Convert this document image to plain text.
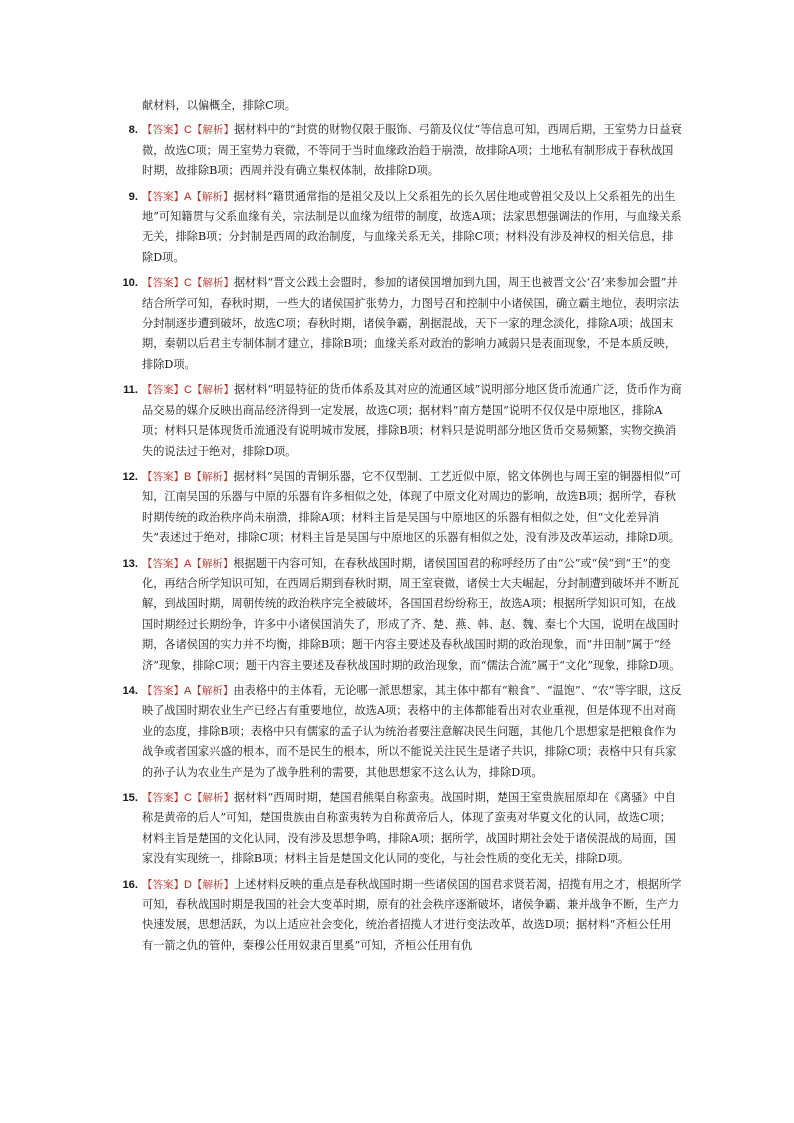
献材料，以偏概全，排除C项。

8. 【答案】C【解析】据材料中的“封赏的财物仅限于服饰、弓箭及仪仗”等信息可知，西周后期，王室势力日益衰微，故选C项；周王室势力衰微，不等同于当时血缘政治趋于崩溃，故排除A项；土地私有制形成于春秋战国时期，故排除B项；西周并没有确立集权体制，故排除D项。
9. 【答案】A【解析】据材料“籍贯通常指的是祖父及以上父系祖先的长久居住地或曾祖父及以上父系祖先的出生地”可知籍贯与父系血缘有关，宗法制是以血缘为纽带的制度，故选A项；法家思想强调法的作用，与血缘关系无关，排除B项；分封制是西周的政治制度，与血缘关系无关，排除C项；材料没有涉及神权的相关信息，排除D项。
10. 【答案】C【解析】据材料“晋文公践土会盟时，参加的诸侯国增加到九国，周王也被晋文公‘召’来参加会盟”并结合所学可知，春秋时期，一些大的诸侯国扩张势力，力图号召和控制中小诸侯国，确立霸主地位，表明宗法分封制逐步遭到破坏，故选C项；春秋时期，诸侯争霸，割据混战，天下一家的理念淡化，排除A项；战国末期，秦朝以后君主专制体制才建立，排除B项；血缘关系对政治的影响力减弱只是表面现象，不是本质反映，排除D项。
11. 【答案】C【解析】据材料“明显特征的货币体系及其对应的流通区域”说明部分地区货币流通广泛，货币作为商品交易的媒介反映出商品经济得到一定发展，故选C项；据材料“南方楚国”说明不仅仅是中原地区，排除A项；材料只是体现货币流通没有说明城市发展，排除B项；材料只是说明部分地区货币交易频繁，实物交换消失的说法过于绝对，排除D项。
12. 【答案】B【解析】据材料“吴国的青铜乐器，它不仅型制、工艺近似中原，铭文体例也与周王室的铜器相似”可知，江南吴国的乐器与中原的乐器有许多相似之处，体现了中原文化对周边的影响，故选B项；据所学，春秋时期传统的政治秩序尚未崩溃，排除A项；材料主旨是吴国与中原地区的乐器有相似之处，但“文化差异消失”表述过于绝对，排除C项；材料主旨是吴国与中原地区的乐器有相似之处，没有涉及改革运动，排除D项。
13. 【答案】A【解析】根据题干内容可知，在春秋战国时期，诸侯国国君的称呼经历了由“公”或“侯”到“王”的变化，再结合所学知识可知，在西周后期到春秋时期，周王室衰微，诸侯士大夫崛起，分封制遭到破坏并不断瓦解，到战国时期，周朝传统的政治秩序完全被破坏，各国国君纷纷称王，故选A项；根据所学知识可知，在战国时期经过长期纷争，许多中小诸侯国消失了，形成了齐、楚、燕、韩、赵、魏、秦七个大国，说明在战国时期，各诸侯国的实力并不均衡，排除B项；题干内容主要述及春秋战国时期的政治现象，而“井田制”属于“经济”现象，排除C项；题干内容主要述及春秋战国时期的政治现象，而“儒法合流”属于“文化”现象，排除D项。
14. 【答案】A【解析】由表格中的主体看，无论哪一派思想家，其主体中都有“粮食”、“温饱”、“农”等字眼，这反映了战国时期农业生产已经占有重要地位，故选A项；表格中的主体都能看出对农业重视，但是体现不出对商业的态度，排除B项；表格中只有儒家的孟子认为统治者要注意解决民生问题，其他几个思想家是把粮食作为战争或者国家兴盛的根本，而不是民生的根本，所以不能说关注民生是诸子共识，排除C项；表格中只有兵家的孙子认为农业生产是为了战争胜利的需要，其他思想家不这么认为，排除D项。
15. 【答案】C【解析】据材料“西周时期，楚国君熊渠自称蛮夷。战国时期，楚国王室贵族屈原却在《离骚》中自称是黄帝的后人”可知，楚国贵族由自称蛮夷转为自称黄帝后人，体现了蛮夷对华夏文化的认同，故选C项；材料主旨是楚国的文化认同，没有涉及思想争鸣，排除A项；据所学，战国时期社会处于诸侯混战的局面，国家没有实现统一，排除B项；材料主旨是楚国文化认同的变化，与社会性质的变化无关，排除D项。
16. 【答案】D【解析】上述材料反映的重点是春秋战国时期一些诸侯国的国君求贤若渴，招揽有用之才，根据所学可知，春秋战国时期是我国的社会大变革时期，原有的社会秩序逐渐破坏，诸侯争霸、兼并战争不断，生产力快速发展，思想活跃，为以上适应社会变化，统治者招揽人才进行变法改革，故选D项；据材料“齐桓公任用有一箭之仇的管仲，秦穆公任用奴隶百里奚”可知，齐桓公任用有仇
